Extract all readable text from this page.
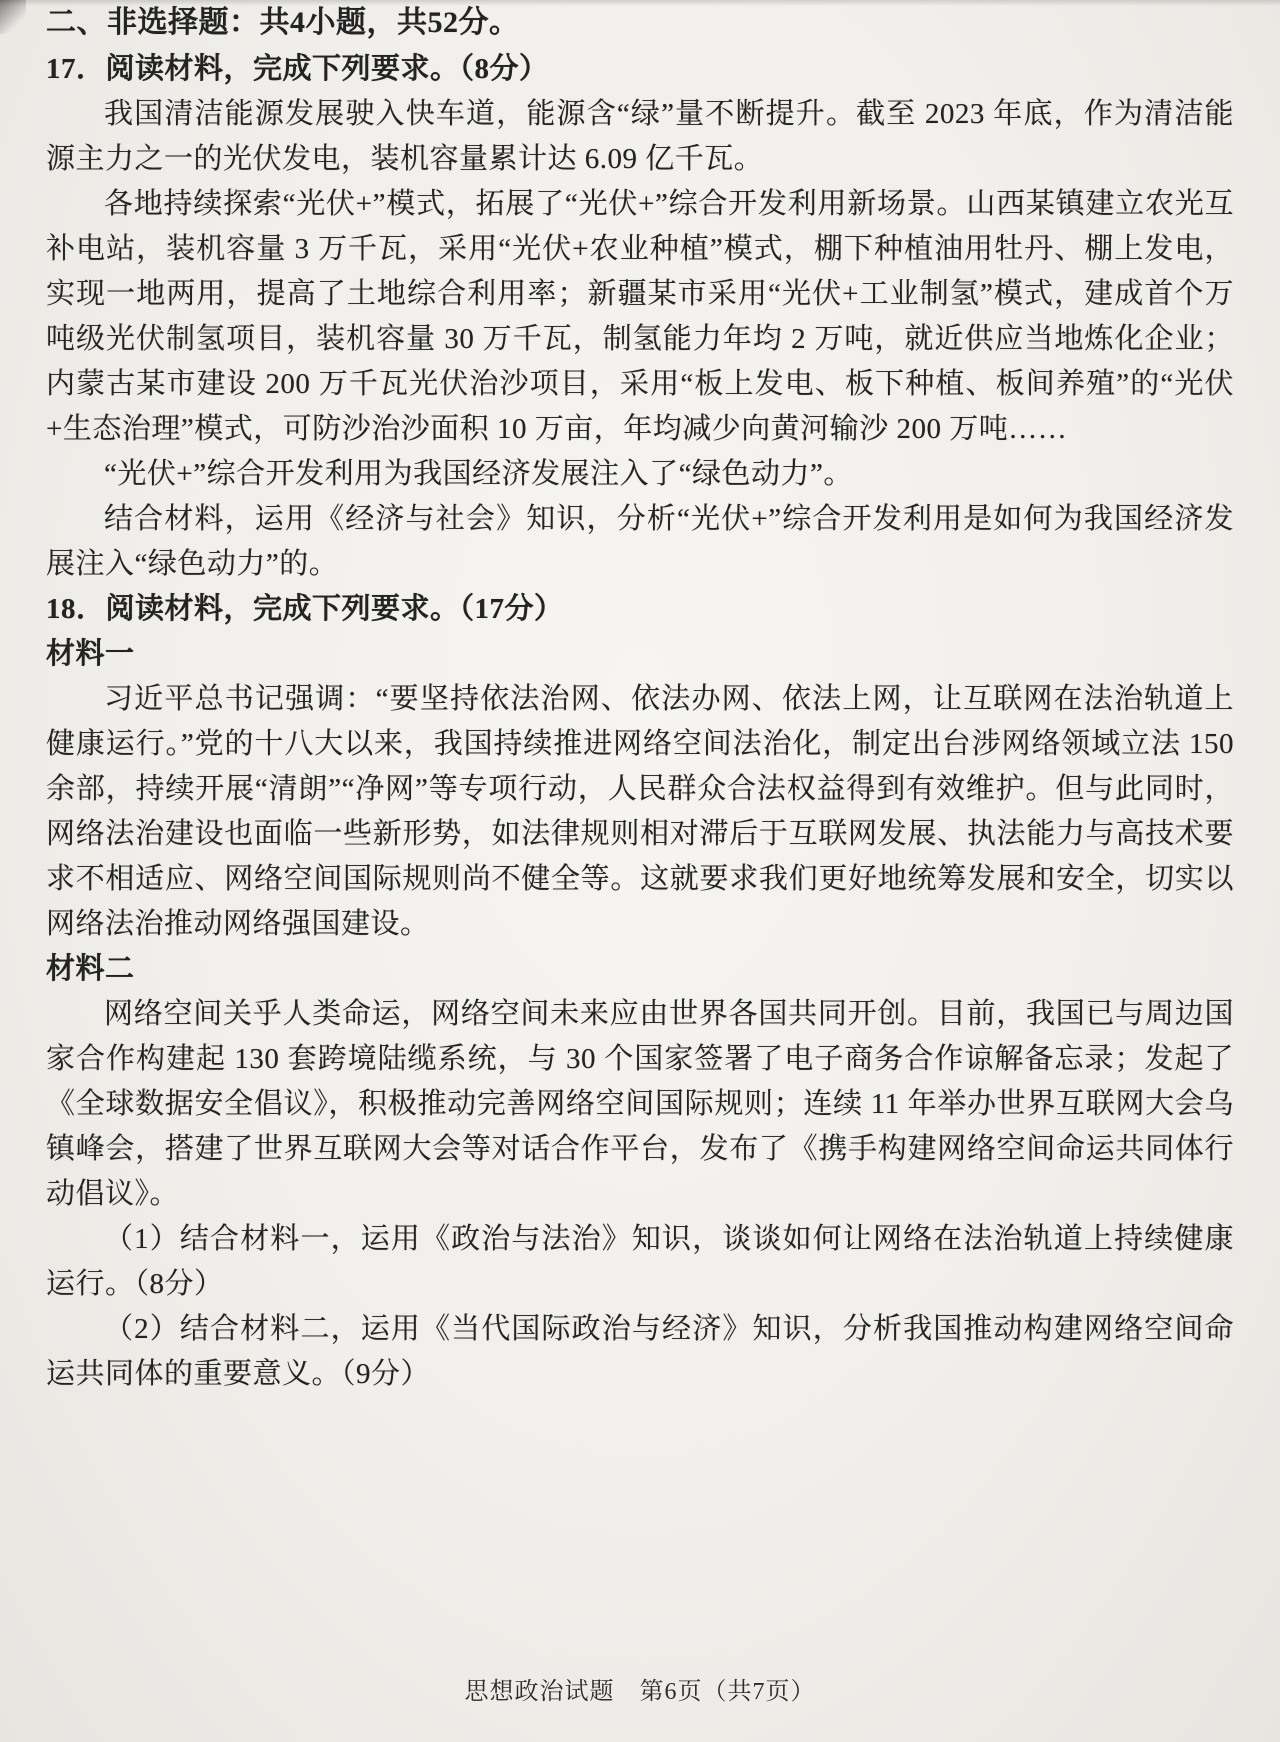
二、非选择题：共4小题，共52分。

17．阅读材料，完成下列要求。（8分）

我国清洁能源发展驶入快车道，能源含“绿”量不断提升。截至 2023 年底，作为清洁能源主力之一的光伏发电，装机容量累计达 6.09 亿千瓦。

各地持续探索“光伏+”模式，拓展了“光伏+”综合开发利用新场景。山西某镇建立农光互补电站，装机容量 3 万千瓦，采用“光伏+农业种植”模式，棚下种植油用牡丹、棚上发电，实现一地两用，提高了土地综合利用率；新疆某市采用“光伏+工业制氢”模式，建成首个万吨级光伏制氢项目，装机容量 30 万千瓦，制氢能力年均 2 万吨，就近供应当地炼化企业；内蒙古某市建设 200 万千瓦光伏治沙项目，采用“板上发电、板下种植、板间养殖”的“光伏+生态治理”模式，可防沙治沙面积 10 万亩，年均减少向黄河输沙 200 万吨……

“光伏+”综合开发利用为我国经济发展注入了“绿色动力”。

结合材料，运用《经济与社会》知识，分析“光伏+”综合开发利用是如何为我国经济发展注入“绿色动力”的。

18．阅读材料，完成下列要求。（17分）

材料一

习近平总书记强调：“要坚持依法治网、依法办网、依法上网，让互联网在法治轨道上健康运行。”党的十八大以来，我国持续推进网络空间法治化，制定出台涉网络领域立法 150 余部，持续开展“清朗”“净网”等专项行动，人民群众合法权益得到有效维护。但与此同时，网络法治建设也面临一些新形势，如法律规则相对滞后于互联网发展、执法能力与高技术要求不相适应、网络空间国际规则尚不健全等。这就要求我们更好地统筹发展和安全，切实以网络法治推动网络强国建设。

材料二

网络空间关乎人类命运，网络空间未来应由世界各国共同开创。目前，我国已与周边国家合作构建起 130 套跨境陆缆系统，与 30 个国家签署了电子商务合作谅解备忘录；发起了《全球数据安全倡议》，积极推动完善网络空间国际规则；连续 11 年举办世界互联网大会乌镇峰会，搭建了世界互联网大会等对话合作平台，发布了《携手构建网络空间命运共同体行动倡议》。

（1）结合材料一，运用《政治与法治》知识，谈谈如何让网络在法治轨道上持续健康运行。（8分）

（2）结合材料二，运用《当代国际政治与经济》知识，分析我国推动构建网络空间命运共同体的重要意义。（9分）

思想政治试题　第6页（共7页）
